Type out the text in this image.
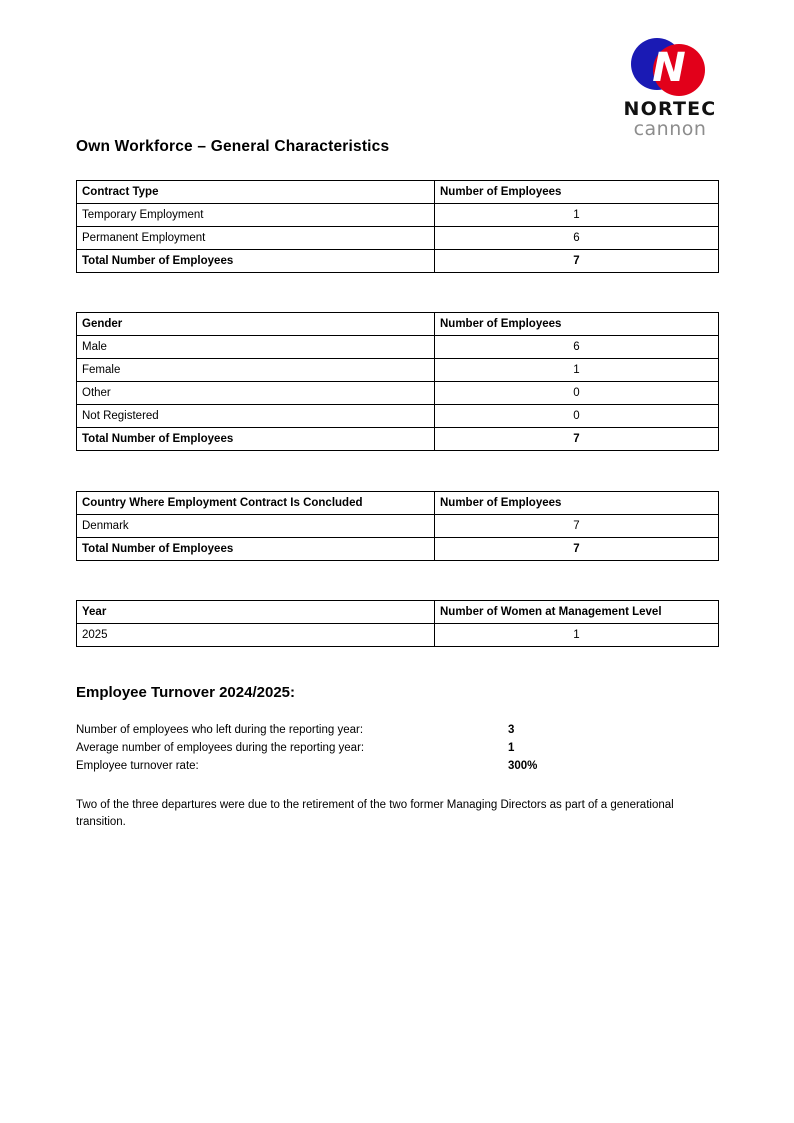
N
NORTEC
cannon
Own Workforce – General Characteristics
Contract Type	Number of Employees
Temporary Employment	1
Permanent Employment	6
Total Number of Employees	7
Gender	Number of Employees
Male	6
Female	1
Other	0
Not Registered	0
Total Number of Employees	7
Country Where Employment Contract Is Concluded	Number of Employees
Denmark	7
Total Number of Employees	7
Year	Number of Women at Management Level
2025	1
Employee Turnover 2024/2025:
Number of employees who left during the reporting year:	3
Average number of employees during the reporting year:	1
Employee turnover rate:	300%

Two of the three departures were due to the retirement of the two former Managing Directors as part of a generational transition.
